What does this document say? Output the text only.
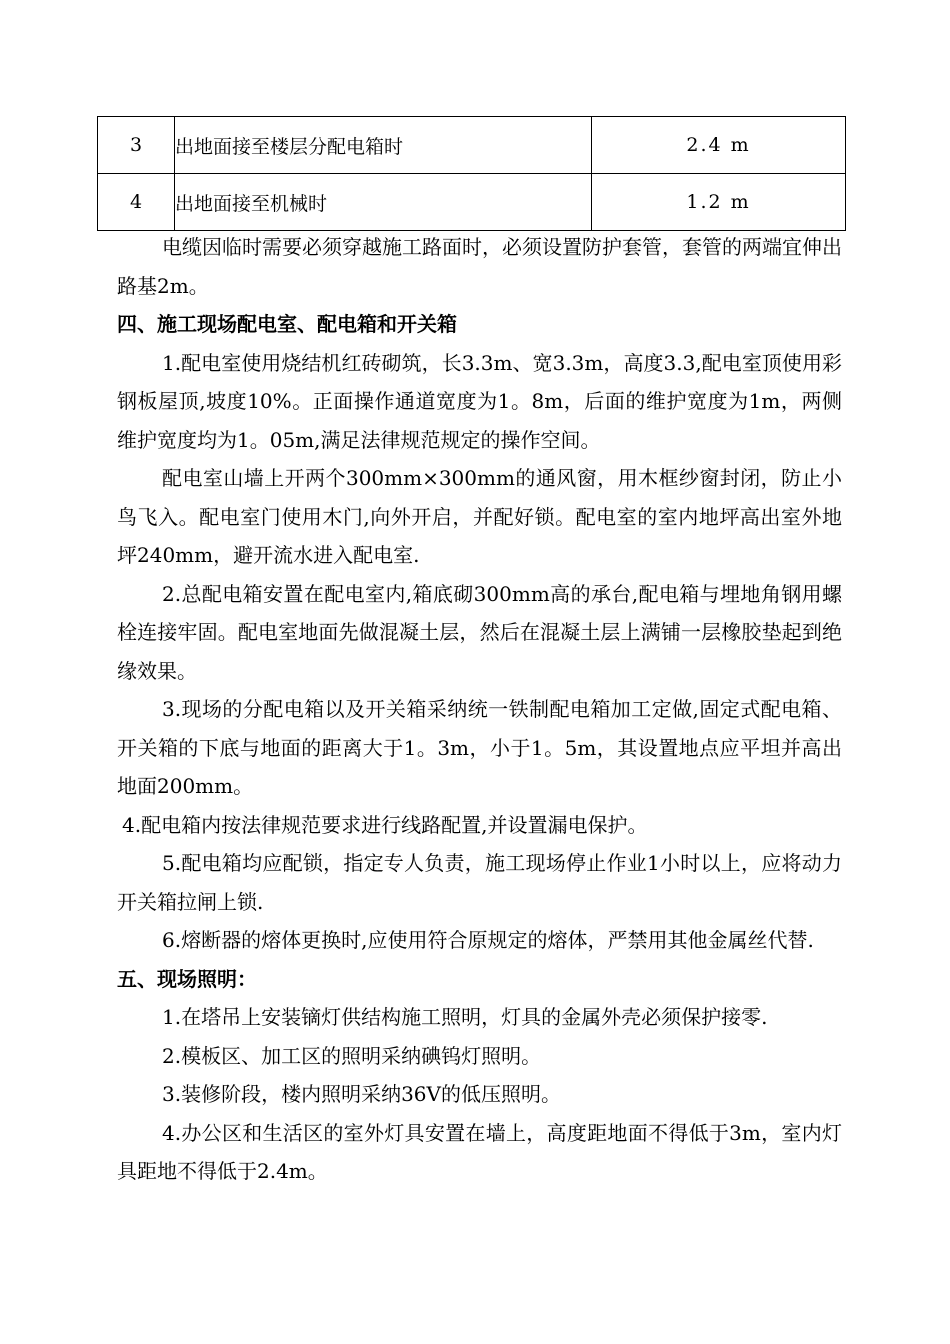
3	出地面接至楼层分配电箱时	2.4 m
4	出地面接至机械时	1.2 m

电缆因临时需要必须穿越施工路面时，必须设置防护套管，套管的两端宜伸出路基2m。

四、施工现场配电室、配电箱和开关箱

1.配电室使用烧结机红砖砌筑，长3.3m、宽3.3m，高度3.3,配电室顶使用彩钢板屋顶,坡度10%。正面操作通道宽度为1。8m，后面的维护宽度为1m，两侧维护宽度均为1。05m,满足法律规范规定的操作空间。

配电室山墙上开两个300mm×300mm的通风窗，用木框纱窗封闭，防止小鸟飞入。配电室门使用木门,向外开启，并配好锁。配电室的室内地坪高出室外地坪240mm，避开流水进入配电室.

2.总配电箱安置在配电室内,箱底砌300mm高的承台,配电箱与埋地角钢用螺栓连接牢固。配电室地面先做混凝土层，然后在混凝土层上满铺一层橡胶垫起到绝缘效果。

3.现场的分配电箱以及开关箱采纳统一铁制配电箱加工定做,固定式配电箱、开关箱的下底与地面的距离大于1。3m，小于1。5m，其设置地点应平坦并高出地面200mm。

4.配电箱内按法律规范要求进行线路配置,并设置漏电保护。

5.配电箱均应配锁，指定专人负责，施工现场停止作业1小时以上，应将动力开关箱拉闸上锁.

6.熔断器的熔体更换时,应使用符合原规定的熔体，严禁用其他金属丝代替.

五、现场照明：

1.在塔吊上安装镝灯供结构施工照明，灯具的金属外壳必须保护接零.

2.模板区、加工区的照明采纳碘钨灯照明。

3.装修阶段，楼内照明采纳36V的低压照明。

4.办公区和生活区的室外灯具安置在墙上，高度距地面不得低于3m，室内灯具距地不得低于2.4m。
